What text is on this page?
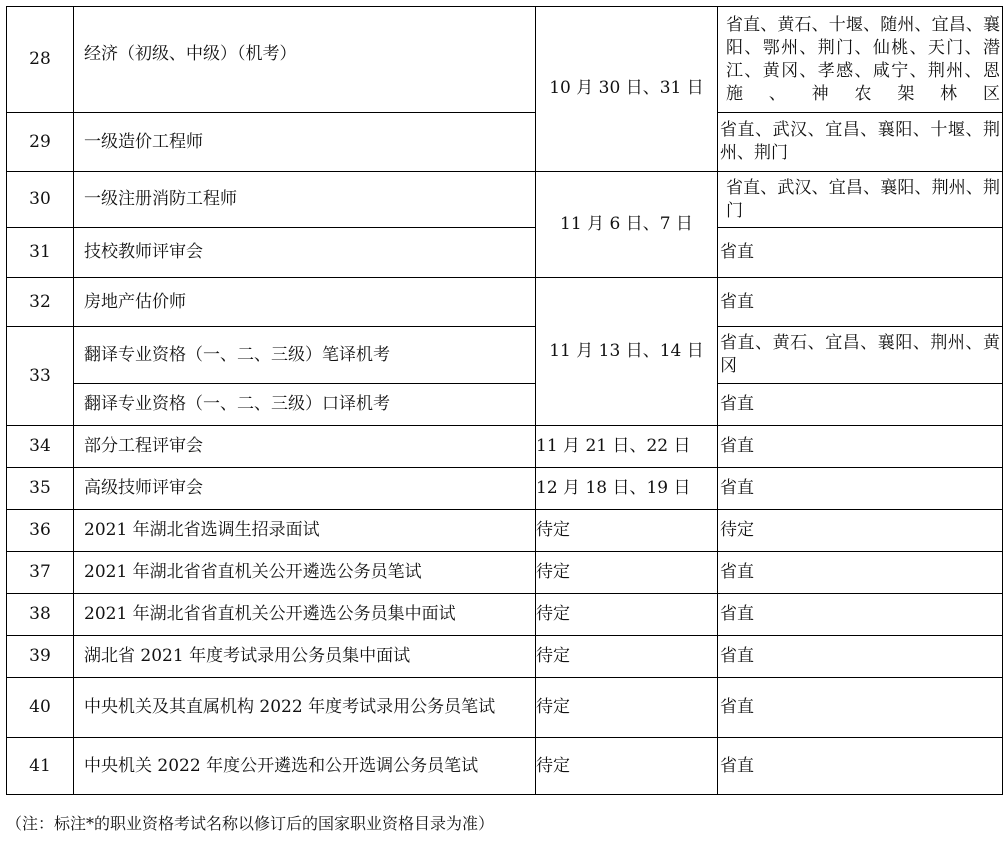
28	经济（初级、中级）（机考）	10 月 30 日、31 日	省直、黄石、十堰、随州、宜昌、襄阳、鄂州、荆门、仙桃、天门、潜江、黄冈、孝感、咸宁、荆州、恩施、神农架林区
29	一级造价工程师		省直、武汉、宜昌、襄阳、十堰、荆州、荆门
30	一级注册消防工程师	11 月 6 日、7 日	省直、武汉、宜昌、襄阳、荆州、荆门
31	技校教师评审会		省直
32	房地产估价师	11 月 13 日、14 日	省直
33	翻译专业资格（一、二、三级）笔译机考		省直、黄石、宜昌、襄阳、荆州、黄冈
	翻译专业资格（一、二、三级）口译机考		省直
34	部分工程评审会	11 月 21 日、22 日	省直
35	高级技师评审会	12 月 18 日、19 日	省直
36	2021 年湖北省选调生招录面试	待定	待定
37	2021 年湖北省省直机关公开遴选公务员笔试	待定	省直
38	2021 年湖北省省直机关公开遴选公务员集中面试	待定	省直
39	湖北省 2021 年度考试录用公务员集中面试	待定	省直
40	中央机关及其直属机构 2022 年度考试录用公务员笔试	待定	省直
41	中央机关 2022 年度公开遴选和公开选调公务员笔试	待定	省直
（注：标注*的职业资格考试名称以修订后的国家职业资格目录为准）
